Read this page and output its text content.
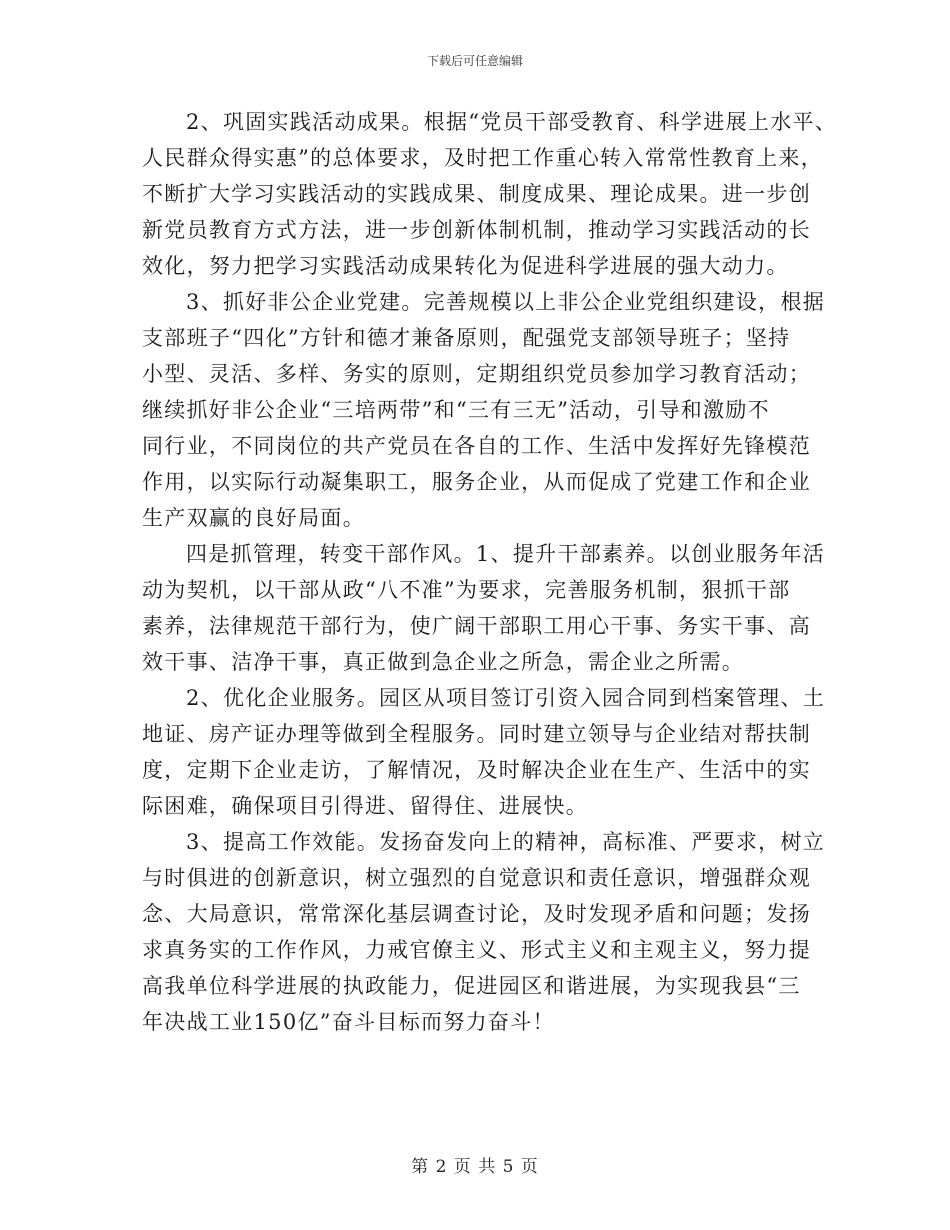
下载后可任意编辑
2、巩固实践活动成果。根据“党员干部受教育、科学进展上水平、
人民群众得实惠”的总体要求，及时把工作重心转入常常性教育上来，
不断扩大学习实践活动的实践成果、制度成果、理论成果。进一步创
新党员教育方式方法，进一步创新体制机制，推动学习实践活动的长
效化，努力把学习实践活动成果转化为促进科学进展的强大动力。
3、抓好非公企业党建。完善规模以上非公企业党组织建设，根据
支部班子“四化”方针和德才兼备原则，配强党支部领导班子；坚持
小型、灵活、多样、务实的原则，定期组织党员参加学习教育活动；
继续抓好非公企业“三培两带”和“三有三无”活动，引导和激励不
同行业，不同岗位的共产党员在各自的工作、生活中发挥好先锋模范
作用，以实际行动凝集职工，服务企业，从而促成了党建工作和企业
生产双赢的良好局面。
四是抓管理，转变干部作风。1、提升干部素养。以创业服务年活
动为契机，以干部从政“八不准”为要求，完善服务机制，狠抓干部
素养，法律规范干部行为，使广阔干部职工用心干事、务实干事、高
效干事、洁净干事，真正做到急企业之所急，需企业之所需。
2、优化企业服务。园区从项目签订引资入园合同到档案管理、土
地证、房产证办理等做到全程服务。同时建立领导与企业结对帮扶制
度，定期下企业走访，了解情况，及时解决企业在生产、生活中的实
际困难，确保项目引得进、留得住、进展快。
3、提高工作效能。发扬奋发向上的精神，高标准、严要求，树立
与时俱进的创新意识，树立强烈的自觉意识和责任意识，增强群众观
念、大局意识，常常深化基层调查讨论，及时发现矛盾和问题；发扬
求真务实的工作作风，力戒官僚主义、形式主义和主观主义，努力提
高我单位科学进展的执政能力，促进园区和谐进展，为实现我县“三
年决战工业150亿”奋斗目标而努力奋斗！
第 2 页 共 5 页
